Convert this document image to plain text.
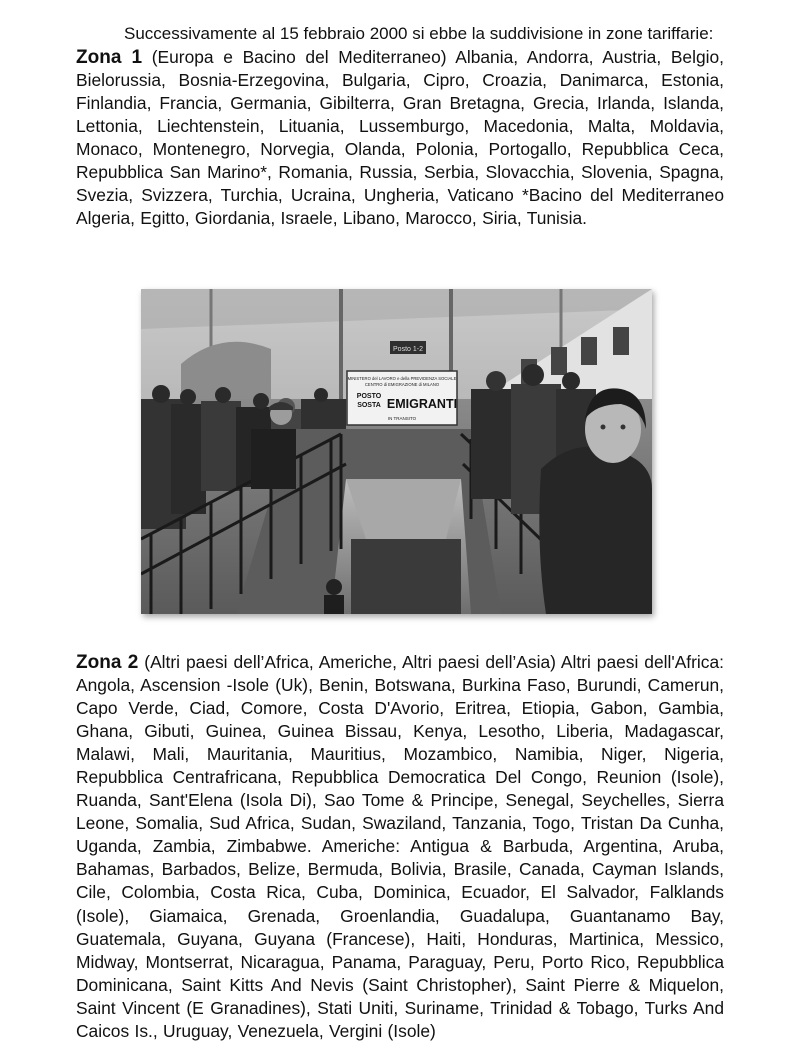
Successivamente al 15 febbraio 2000 si ebbe la suddivisione in zone tariffarie:

Zona 1 (Europa e Bacino del Mediterraneo) Albania, Andorra, Austria, Belgio, Bielorussia, Bosnia-Erzegovina, Bulgaria, Cipro, Croazia, Danimarca, Estonia, Finlandia, Francia, Germania, Gibilterra, Gran Bretagna, Grecia, Irlanda, Islanda, Lettonia, Liechtenstein, Lituania, Lussemburgo, Macedonia, Malta, Moldavia, Monaco, Montenegro, Norvegia, Olanda, Polonia, Portogallo, Repubblica Ceca, Repubblica San Marino*, Romania, Russia, Serbia, Slovacchia, Slovenia, Spagna, Svezia, Svizzera, Turchia, Ucraina, Ungheria, Vaticano *Bacino del Mediterraneo Algeria, Egitto, Giordania, Israele, Libano, Marocco, Siria, Tunisia.

Posto 1-2
MINISTERO del LAVORO e della PREVIDENZA SOCIALE
CENTRO di EMIGRAZIONE di MILANO
POSTO
SOSTA EMIGRANTI
IN TRANSITO

Zona 2 (Altri paesi dell’Africa, Americhe, Altri paesi dell’Asia) Altri paesi dell'Africa: Angola, Ascension -Isole (Uk), Benin, Botswana, Burkina Faso, Burundi, Camerun, Capo Verde, Ciad, Comore, Costa D'Avorio, Eritrea, Etiopia, Gabon, Gambia, Ghana, Gibuti, Guinea, Guinea Bissau, Kenya, Lesotho, Liberia, Madagascar, Malawi, Mali, Mauritania, Mauritius, Mozambico, Namibia, Niger, Nigeria, Repubblica Centrafricana, Repubblica Democratica Del Congo, Reunion (Isole), Ruanda, Sant'Elena (Isola Di), Sao Tome & Principe, Senegal, Seychelles, Sierra Leone, Somalia, Sud Africa, Sudan, Swaziland, Tanzania, Togo, Tristan Da Cunha, Uganda, Zambia, Zimbabwe. Americhe: Antigua & Barbuda, Argentina, Aruba, Bahamas, Barbados, Belize, Bermuda, Bolivia, Brasile, Canada, Cayman Islands, Cile, Colombia, Costa Rica, Cuba, Dominica, Ecuador, El Salvador, Falklands (Isole), Giamaica, Grenada, Groenlandia, Guadalupa, Guantanamo Bay, Guatemala, Guyana, Guyana (Francese), Haiti, Honduras, Martinica, Messico, Midway, Montserrat, Nicaragua, Panama, Paraguay, Peru, Porto Rico, Repubblica Dominicana, Saint Kitts And Nevis (Saint Christopher), Saint Pierre & Miquelon, Saint Vincent (E Granadines), Stati Uniti, Suriname, Trinidad & Tobago, Turks And Caicos Is., Uruguay, Venezuela, Vergini (Isole)
